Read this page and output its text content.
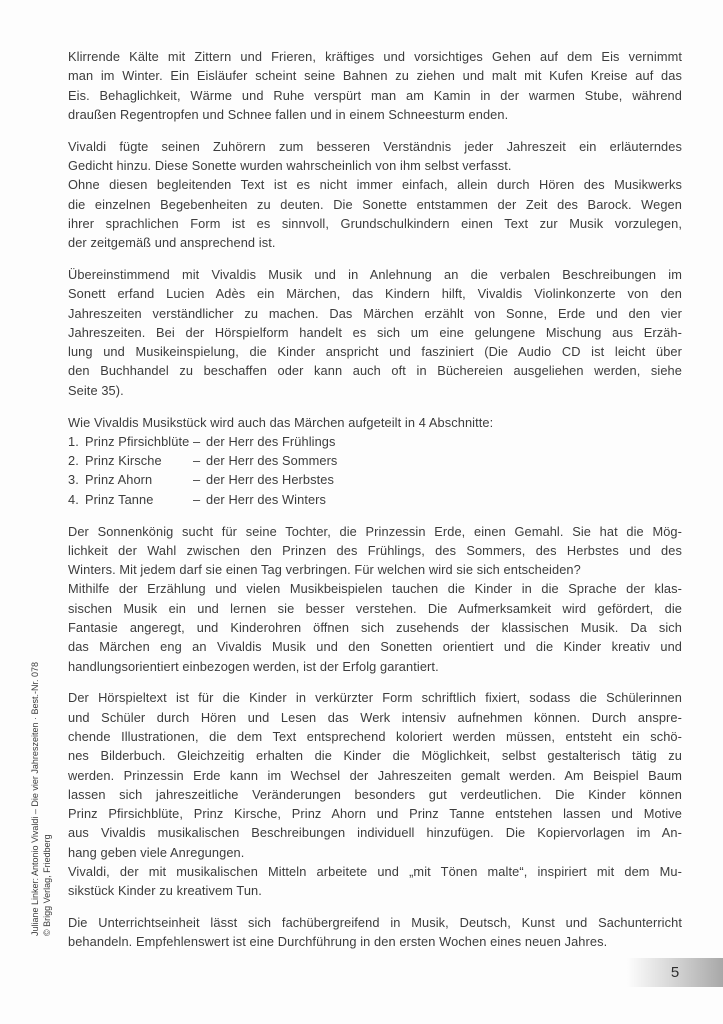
Klirrende Kälte mit Zittern und Frieren, kräftiges und vorsichtiges Gehen auf dem Eis vernimmt
man im Winter. Ein Eisläufer scheint seine Bahnen zu ziehen und malt mit Kufen Kreise auf das
Eis. Behaglichkeit, Wärme und Ruhe verspürt man am Kamin in der warmen Stube, während
draußen Regentropfen und Schnee fallen und in einem Schneesturm enden.
Vivaldi fügte seinen Zuhörern zum besseren Verständnis jeder Jahreszeit ein erläuterndes
Gedicht hinzu. Diese Sonette wurden wahrscheinlich von ihm selbst verfasst.
Ohne diesen begleitenden Text ist es nicht immer einfach, allein durch Hören des Musikwerks
die einzelnen Begebenheiten zu deuten. Die Sonette entstammen der Zeit des Barock. Wegen
ihrer sprachlichen Form ist es sinnvoll, Grundschulkindern einen Text zur Musik vorzulegen,
der zeitgemäß und ansprechend ist.
Übereinstimmend mit Vivaldis Musik und in Anlehnung an die verbalen Beschreibungen im
Sonett erfand Lucien Adès ein Märchen, das Kindern hilft, Vivaldis Violinkonzerte von den
Jahreszeiten verständlicher zu machen. Das Märchen erzählt von Sonne, Erde und den vier
Jahreszeiten. Bei der Hörspielform handelt es sich um eine gelungene Mischung aus Erzäh-
lung und Musikeinspielung, die Kinder anspricht und fasziniert (Die Audio CD ist leicht über
den Buchhandel zu beschaffen oder kann auch oft in Büchereien ausgeliehen werden, siehe
Seite 35).
Wie Vivaldis Musikstück wird auch das Märchen aufgeteilt in 4 Abschnitte:
1. Prinz Pfirsichblüte – der Herr des Frühlings
2. Prinz Kirsche	– der Herr des Sommers
3. Prinz Ahorn	– der Herr des Herbstes
4. Prinz Tanne	– der Herr des Winters
Der Sonnenkönig sucht für seine Tochter, die Prinzessin Erde, einen Gemahl. Sie hat die Mög-
lichkeit der Wahl zwischen den Prinzen des Frühlings, des Sommers, des Herbstes und des
Winters. Mit jedem darf sie einen Tag verbringen. Für welchen wird sie sich entscheiden?
Mithilfe der Erzählung und vielen Musikbeispielen tauchen die Kinder in die Sprache der klas-
sischen Musik ein und lernen sie besser verstehen. Die Aufmerksamkeit wird gefördert, die
Fantasie angeregt, und Kinderohren öffnen sich zusehends der klassischen Musik. Da sich
das Märchen eng an Vivaldis Musik und den Sonetten orientiert und die Kinder kreativ und
handlungsorientiert einbezogen werden, ist der Erfolg garantiert.
Der Hörspieltext ist für die Kinder in verkürzter Form schriftlich fixiert, sodass die Schülerinnen
und Schüler durch Hören und Lesen das Werk intensiv aufnehmen können. Durch anspre-
chende Illustrationen, die dem Text entsprechend koloriert werden müssen, entsteht ein schö-
nes Bilderbuch. Gleichzeitig erhalten die Kinder die Möglichkeit, selbst gestalterisch tätig zu
werden. Prinzessin Erde kann im Wechsel der Jahreszeiten gemalt werden. Am Beispiel Baum
lassen sich jahreszeitliche Veränderungen besonders gut verdeutlichen. Die Kinder können
Prinz Pfirsichblüte, Prinz Kirsche, Prinz Ahorn und Prinz Tanne entstehen lassen und Motive
aus Vivaldis musikalischen Beschreibungen individuell hinzufügen. Die Kopiervorlagen im An-
hang geben viele Anregungen.
Vivaldi, der mit musikalischen Mitteln arbeitete und „mit Tönen malte“, inspiriert mit dem Mu-
sikstück Kinder zu kreativem Tun.
Die Unterrichtseinheit lässt sich fachübergreifend in Musik, Deutsch, Kunst und Sachunterricht
behandeln. Empfehlenswert ist eine Durchführung in den ersten Wochen eines neuen Jahres.
Juliane Linker: Antonio Vivaldi – Die vier Jahreszeiten · Best.-Nr. 078 © Brigg Verlag, Friedberg
5
